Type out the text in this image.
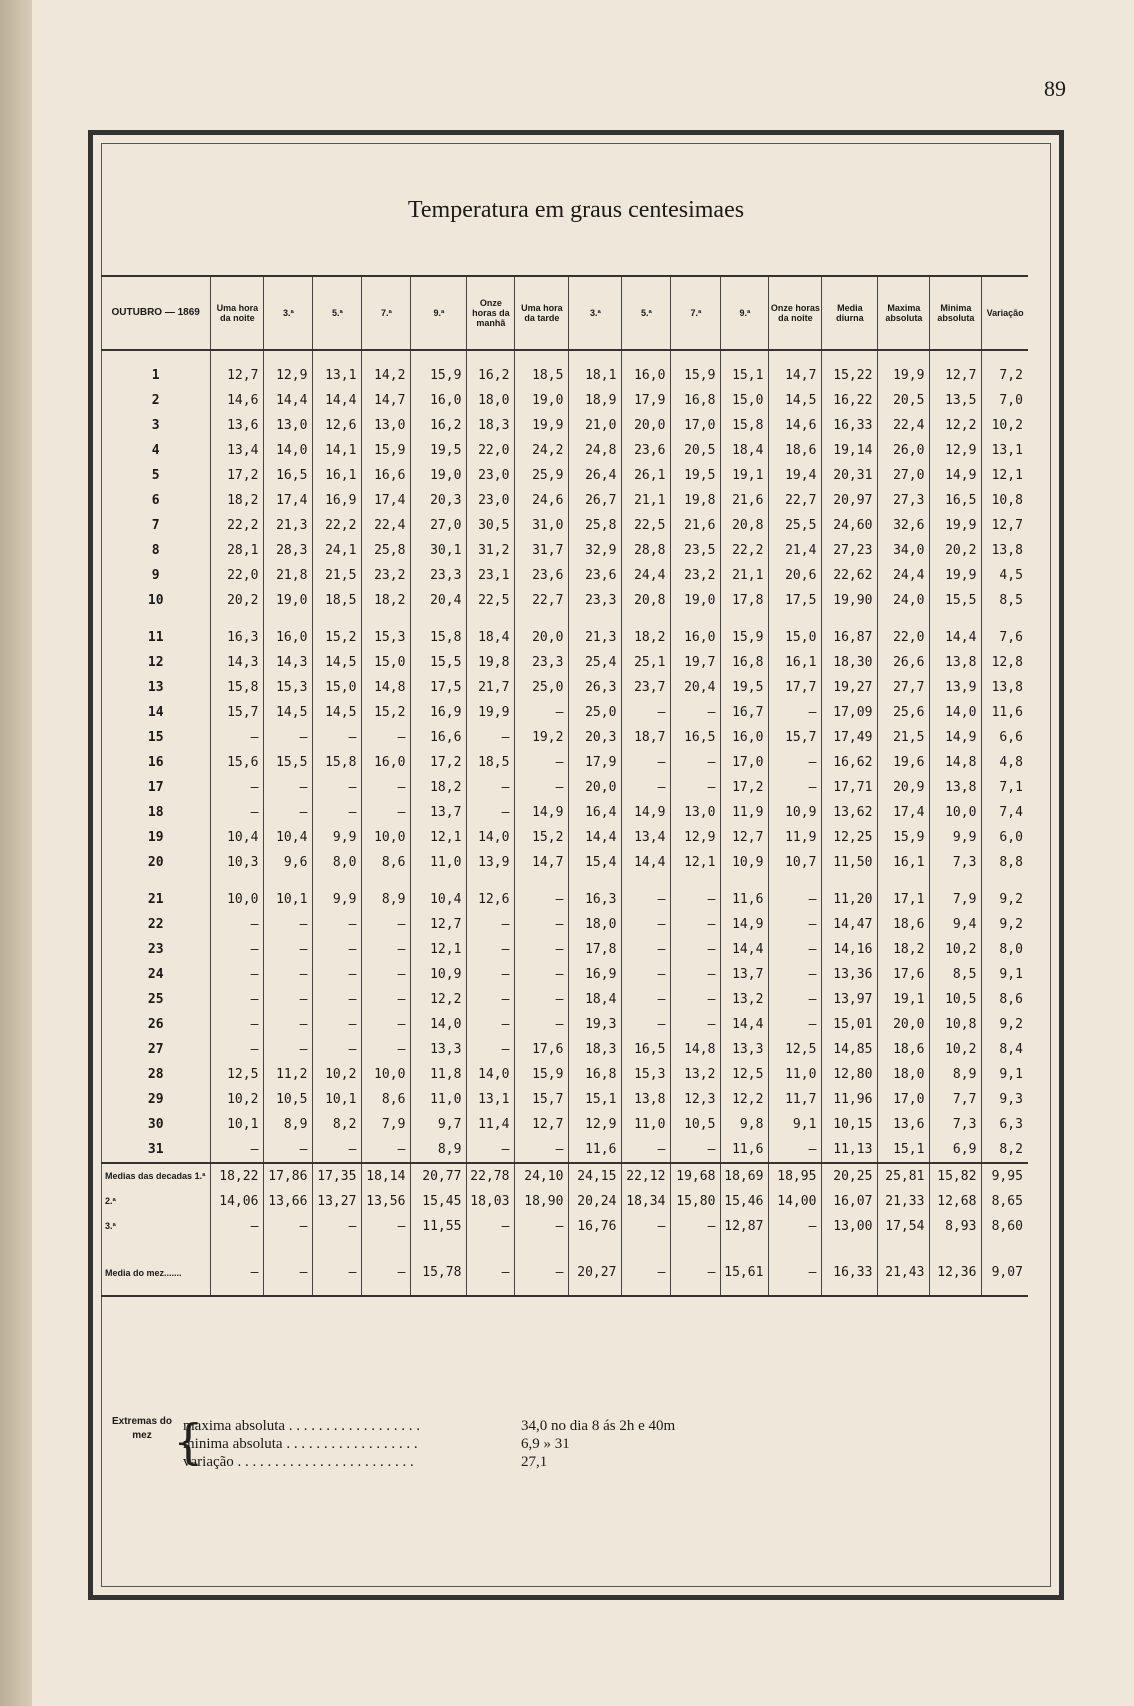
89
Temperatura em graus centesimaes
OUTUBRO — 1869	Uma hora da noite	3.ª	5.ª	7.ª	9.ª	Onze horas da manhã	Uma hora da tarde	3.ª	5.ª	7.ª	9.ª	Onze horas da noite	Media diurna	Maxima absoluta	Minima absoluta	Variação

1	12,7	12,9	13,1	14,2	15,9	16,2	18,5	18,1	16,0	15,9	15,1	14,7	15,22	19,9	12,7	7,2
2	14,6	14,4	14,4	14,7	16,0	18,0	19,0	18,9	17,9	16,8	15,0	14,5	16,22	20,5	13,5	7,0
3	13,6	13,0	12,6	13,0	16,2	18,3	19,9	21,0	20,0	17,0	15,8	14,6	16,33	22,4	12,2	10,2
4	13,4	14,0	14,1	15,9	19,5	22,0	24,2	24,8	23,6	20,5	18,4	18,6	19,14	26,0	12,9	13,1
5	17,2	16,5	16,1	16,6	19,0	23,0	25,9	26,4	26,1	19,5	19,1	19,4	20,31	27,0	14,9	12,1
6	18,2	17,4	16,9	17,4	20,3	23,0	24,6	26,7	21,1	19,8	21,6	22,7	20,97	27,3	16,5	10,8
7	22,2	21,3	22,2	22,4	27,0	30,5	31,0	25,8	22,5	21,6	20,8	25,5	24,60	32,6	19,9	12,7
8	28,1	28,3	24,1	25,8	30,1	31,2	31,7	32,9	28,8	23,5	22,2	21,4	27,23	34,0	20,2	13,8
9	22,0	21,8	21,5	23,2	23,3	23,1	23,6	23,6	24,4	23,2	21,1	20,6	22,62	24,4	19,9	4,5
10	20,2	19,0	18,5	18,2	20,4	22,5	22,7	23,3	20,8	19,0	17,8	17,5	19,90	24,0	15,5	8,5

11	16,3	16,0	15,2	15,3	15,8	18,4	20,0	21,3	18,2	16,0	15,9	15,0	16,87	22,0	14,4	7,6
12	14,3	14,3	14,5	15,0	15,5	19,8	23,3	25,4	25,1	19,7	16,8	16,1	18,30	26,6	13,8	12,8
13	15,8	15,3	15,0	14,8	17,5	21,7	25,0	26,3	23,7	20,4	19,5	17,7	19,27	27,7	13,9	13,8
14	15,7	14,5	14,5	15,2	16,9	19,9	—	25,0	—	—	16,7	—	17,09	25,6	14,0	11,6
15	—	—	—	—	16,6	—	19,2	20,3	18,7	16,5	16,0	15,7	17,49	21,5	14,9	6,6
16	15,6	15,5	15,8	16,0	17,2	18,5	—	17,9	—	—	17,0	—	16,62	19,6	14,8	4,8
17	—	—	—	—	18,2	—	—	20,0	—	—	17,2	—	17,71	20,9	13,8	7,1
18	—	—	—	—	13,7	—	14,9	16,4	14,9	13,0	11,9	10,9	13,62	17,4	10,0	7,4
19	10,4	10,4	9,9	10,0	12,1	14,0	15,2	14,4	13,4	12,9	12,7	11,9	12,25	15,9	9,9	6,0
20	10,3	9,6	8,0	8,6	11,0	13,9	14,7	15,4	14,4	12,1	10,9	10,7	11,50	16,1	7,3	8,8

21	10,0	10,1	9,9	8,9	10,4	12,6	—	16,3	—	—	11,6	—	11,20	17,1	7,9	9,2
22	—	—	—	—	12,7	—	—	18,0	—	—	14,9	—	14,47	18,6	9,4	9,2
23	—	—	—	—	12,1	—	—	17,8	—	—	14,4	—	14,16	18,2	10,2	8,0
24	—	—	—	—	10,9	—	—	16,9	—	—	13,7	—	13,36	17,6	8,5	9,1
25	—	—	—	—	12,2	—	—	18,4	—	—	13,2	—	13,97	19,1	10,5	8,6
26	—	—	—	—	14,0	—	—	19,3	—	—	14,4	—	15,01	20,0	10,8	9,2
27	—	—	—	—	13,3	—	17,6	18,3	16,5	14,8	13,3	12,5	14,85	18,6	10,2	8,4
28	12,5	11,2	10,2	10,0	11,8	14,0	15,9	16,8	15,3	13,2	12,5	11,0	12,80	18,0	8,9	9,1
29	10,2	10,5	10,1	8,6	11,0	13,1	15,7	15,1	13,8	12,3	12,2	11,7	11,96	17,0	7,7	9,3
30	10,1	8,9	8,2	7,9	9,7	11,4	12,7	12,9	11,0	10,5	9,8	9,1	10,15	13,6	7,3	6,3
31	—	—	—	—	8,9	—	—	11,6	—	—	11,6	—	11,13	15,1	6,9	8,2
Medias das decadas 1.ª	18,22	17,86	17,35	18,14	20,77	22,78	24,10	24,15	22,12	19,68	18,69	18,95	20,25	25,81	15,82	9,95
2.ª	14,06	13,66	13,27	13,56	15,45	18,03	18,90	20,24	18,34	15,80	15,46	14,00	16,07	21,33	12,68	8,65
3.ª	—	—	—	—	11,55	—	—	16,76	—	—	12,87	—	13,00	17,54	8,93	8,60

Media do mez.......	—	—	—	—	15,78	—	—	20,27	—	—	15,61	—	16,33	21,43	12,36	9,07
Extremas do mez {
maxima absoluta . . . . . . . . . . . . . . . . . .	34,0 no dia 8 ás 2h e 40m
minima absoluta . . . . . . . . . . . . . . . . . .	6,9 » 31
variação . . . . . . . . . . . . . . . . . . . . . . . .	27,1
